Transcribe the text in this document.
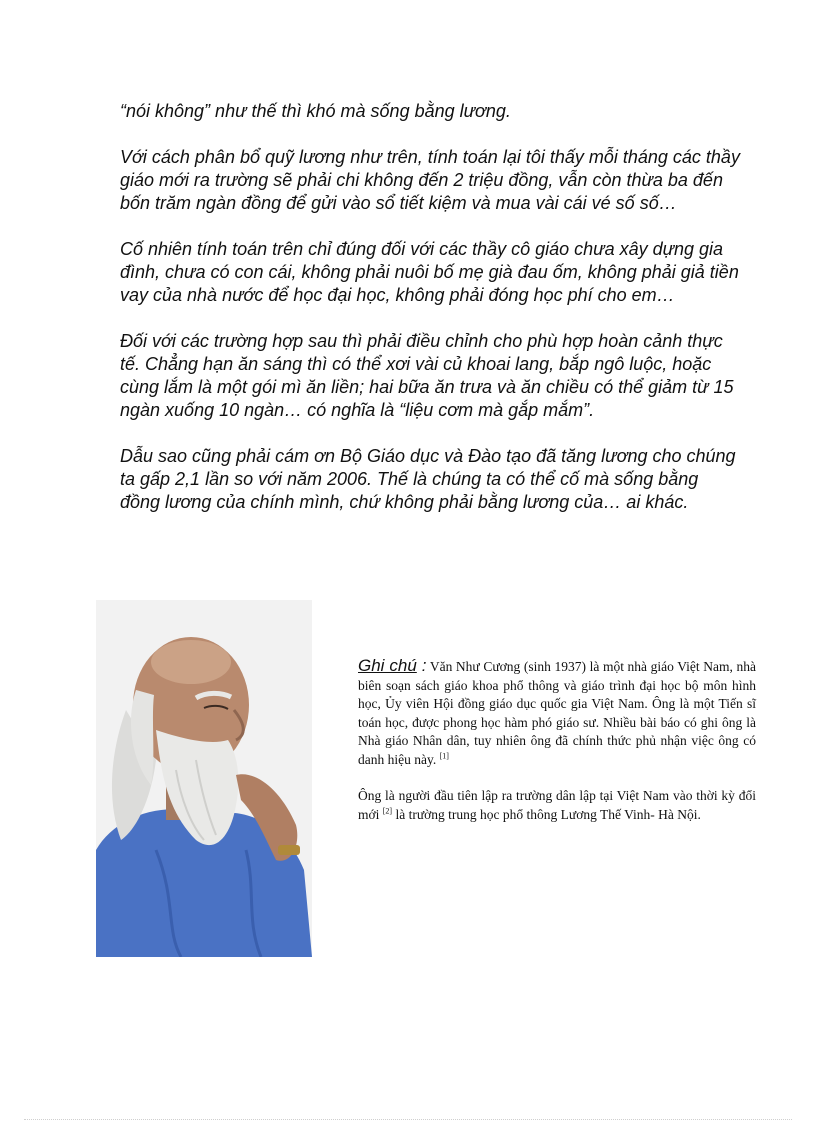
“nói không” như thế thì khó mà sống bằng lương.

Với cách phân bổ quỹ lương như trên, tính toán lại tôi thấy mỗi tháng các thầy giáo mới ra trường sẽ phải chi không đến 2 triệu đồng, vẫn còn thừa ba đến bốn trăm ngàn đồng để gửi vào sổ tiết kiệm và mua vài cái vé số số…

Cố nhiên tính toán trên chỉ đúng đối với các thầy cô giáo chưa xây dựng gia đình, chưa có con cái, không phải nuôi bố mẹ già đau ốm, không phải giả tiền vay của nhà nước để học đại học, không phải đóng học phí cho em…

Đối với các trường hợp sau thì phải điều chỉnh cho phù hợp hoàn cảnh thực tế. Chẳng hạn ăn sáng thì có thể xơi vài củ khoai lang, bắp ngô luộc, hoặc cùng lắm là một gói mì ăn liền; hai bữa ăn trưa và ăn chiều có thể giảm từ 15 ngàn xuống 10 ngàn… có nghĩa là “liệu cơm mà gắp mắm”.

Dẫu sao cũng phải cám ơn Bộ Giáo dục và Đào tạo đã tăng lương cho chúng ta gấp 2,1 lần so với năm 2006. Thế là chúng ta có thể cố mà sống bằng đồng lương của chính mình, chứ không phải bằng lương của… ai khác.

Ghi chú : Văn Như Cương (sinh 1937) là một nhà giáo Việt Nam, nhà biên soạn sách giáo khoa phổ thông và giáo trình đại học bộ môn hình học, Ủy viên Hội đồng giáo dục quốc gia Việt Nam. Ông là một Tiến sĩ toán học, được phong học hàm phó giáo sư. Nhiều bài báo có ghi ông là Nhà giáo Nhân dân, tuy nhiên ông đã chính thức phủ nhận việc ông có danh hiệu này. [1]

Ông là người đầu tiên lập ra trường dân lập tại Việt Nam vào thời kỳ đổi mới [2] là trường trung học phổ thông Lương Thế Vinh- Hà Nội.
